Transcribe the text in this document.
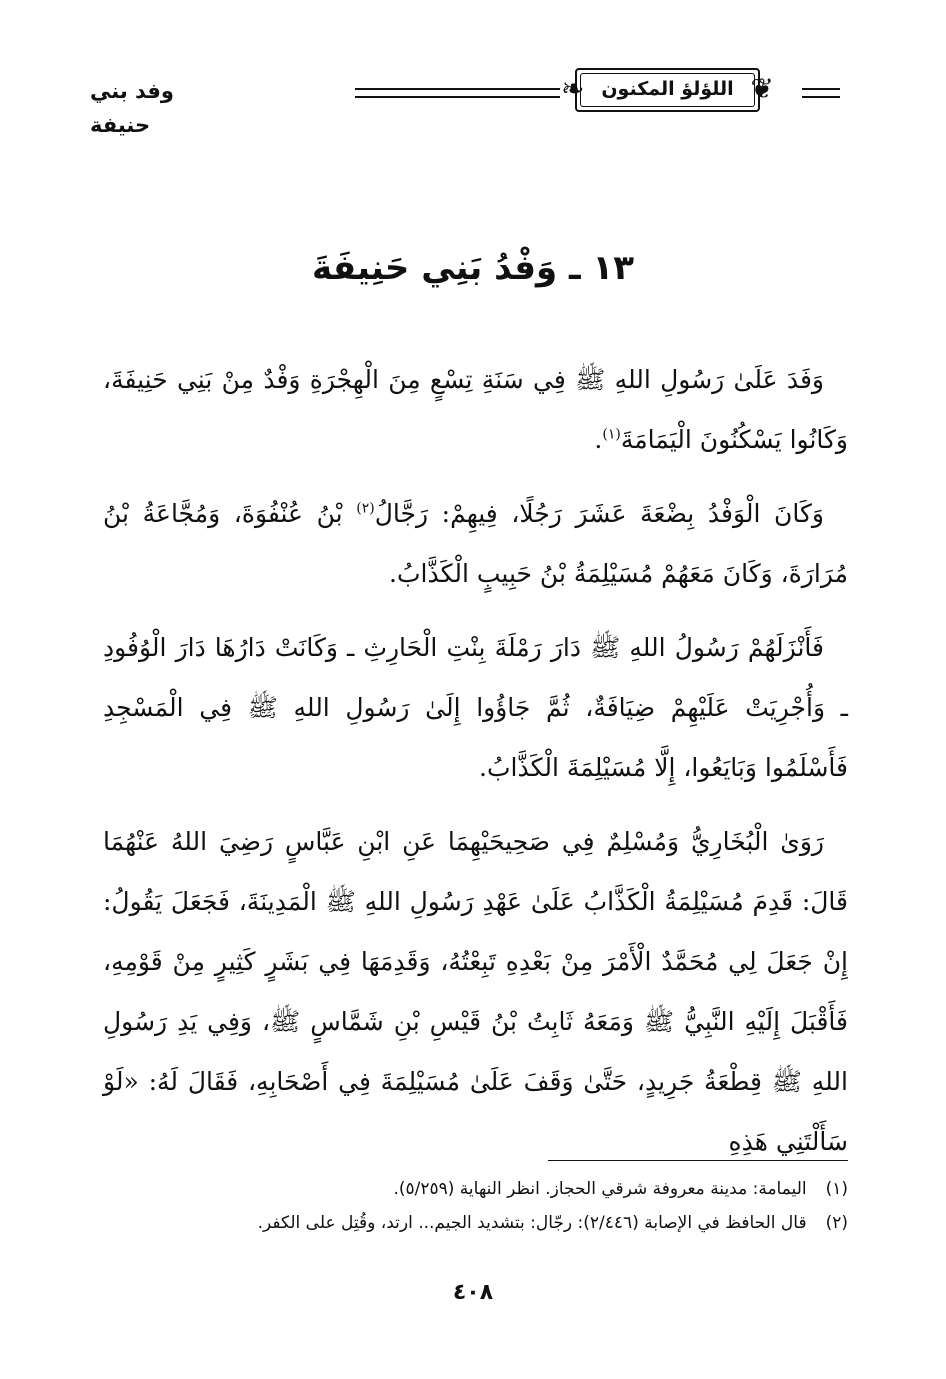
❦
❧ اللؤلؤ المكنون
وفد بني حنيفة
١٣ ـ وَفْدُ بَنِي حَنِيفَةَ

وَفَدَ عَلَىٰ رَسُولِ اللهِ ﷺ فِي سَنَةِ تِسْعٍ مِنَ الْهِجْرَةِ وَفْدٌ مِنْ بَنِي حَنِيفَةَ، وَكَانُوا يَسْكُنُونَ الْيَمَامَةَ$^{(١)}$.

وَكَانَ الْوَفْدُ بِضْعَةَ عَشَرَ رَجُلًا، فِيهِمْ: رَجَّالُ$^{(٢)}$ بْنُ عُنْفُوَةَ، وَمُجَّاعَةُ بْنُ مُرَارَةَ، وَكَانَ مَعَهُمْ مُسَيْلِمَةُ بْنُ حَبِيبٍ الْكَذَّابُ.

فَأَنْزَلَهُمْ رَسُولُ اللهِ ﷺ دَارَ رَمْلَةَ بِنْتِ الْحَارِثِ ـ وَكَانَتْ دَارُهَا دَارَ الْوُفُودِ ـ وَأُجْرِيَتْ عَلَيْهِمْ ضِيَافَةٌ، ثُمَّ جَاؤُوا إِلَىٰ رَسُولِ اللهِ ﷺ فِي الْمَسْجِدِ فَأَسْلَمُوا وَبَايَعُوا، إِلَّا مُسَيْلِمَةَ الْكَذَّابُ.

رَوَىٰ الْبُخَارِيُّ وَمُسْلِمٌ فِي صَحِيحَيْهِمَا عَنِ ابْنِ عَبَّاسٍ رَضِيَ اللهُ عَنْهُمَا قَالَ: قَدِمَ مُسَيْلِمَةُ الْكَذَّابُ عَلَىٰ عَهْدِ رَسُولِ اللهِ ﷺ الْمَدِينَةَ، فَجَعَلَ يَقُولُ: إِنْ جَعَلَ لِي مُحَمَّدٌ الْأَمْرَ مِنْ بَعْدِهِ تَبِعْتُهُ، وَقَدِمَهَا فِي بَشَرٍ كَثِيرٍ مِنْ قَوْمِهِ، فَأَقْبَلَ إِلَيْهِ النَّبِيُّ ﷺ وَمَعَهُ ثَابِتُ بْنُ قَيْسِ بْنِ شَمَّاسٍ ﷺ، وَفِي يَدِ رَسُولِ اللهِ ﷺ قِطْعَةُ جَرِيدٍ، حَتَّىٰ وَقَفَ عَلَىٰ مُسَيْلِمَةَ فِي أَصْحَابِهِ، فَقَالَ لَهُ: «لَوْ سَأَلْتَنِي هَذِهِ

(١) اليمامة: مدينة معروفة شرقي الحجاز. انظر النهاية (٥/٢٥٩).
(٢) قال الحافظ في الإصابة (٢/٤٤٦): رجّال: بتشديد الجيم... ارتد، وقُتِل على الكفر.
٤٠٨
